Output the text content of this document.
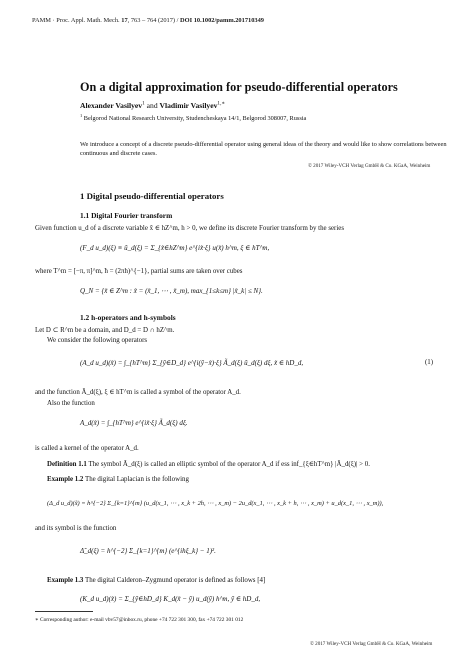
PAMM · Proc. Appl. Math. Mech. 17, 763 – 764 (2017) / DOI 10.1002/pamm.201710349
On a digital approximation for pseudo-differential operators
Alexander Vasilyev$^1$ and Vladimir Vasilyev$^{1,∗}$
$^1$ Belgorod National Research University, Studencheskaya 14/1, Belgorod 308007, Russia
We introduce a concept of a discrete pseudo-differential operator using general ideas of the theory and would like to show correlations between continuous and discrete cases.
© 2017 Wiley-VCH Verlag GmbH & Co. KGaA, Weinheim
1 Digital pseudo-differential operators
1.1 Digital Fourier transform
Given function u_d of a discrete variable x̃ ∈ hZ^m, h > 0, we define its discrete Fourier transform by the series
(F_d u_d)(ξ) ≡ ũ_d(ξ) = Σ_{x̃∈hZ^m} e^{ix̃·ξ} u(x̃) h^m, ξ ∈ hT^m,
where T^m = [−π, π]^m, ħ = (2πh)^{−1}, partial sums are taken over cubes
Q_N = {x̃ ∈ Z^m : x̃ = (x̃_1, ⋯ , x̃_m), max_{1≤k≤m} |x̃_k| ≤ N}.
1.2 h-operators and h-symbols
Let D ⊂ R^m be a domain, and D_d = D ∩ hZ^m.
We consider the following operators
(A_d u_d)(x̃) = ∫_{hT^m} Σ_{ỹ∈D_d} e^{i(ỹ−x̃)·ξ} Ã_d(ξ) ũ_d(ξ) dξ, x̃ ∈ hD_d,	(1)
and the function Ã_d(ξ), ξ ∈ hT^m is called a symbol of the operator A_d.
Also the function
A_d(x̃) = ∫_{hT^m} e^{ix̃·ξ} Ã_d(ξ) dξ.
is called a kernel of the operator A_d.
Definition 1.1 The symbol Ã_d(ξ) is called an elliptic symbol of the operator A_d if ess inf_{ξ∈hT^m} |Ã_d(ξ)| > 0.
Example 1.2 The digital Laplacian is the following
(Δ_d u_d)(x̃) = h^{−2} Σ_{k=1}^{m} (u_d(x_1, ⋯ , x_k + 2h, ⋯ , x_m) − 2u_d(x_1, ⋯ , x_k + h, ⋯ , x_m) + u_d(x_1, ⋯ , x_m)),
and its symbol is the function
Δ̃_d(ξ) = h^{−2} Σ_{k=1}^{m} (e^{ihξ_k} − 1)².
Example 1.3 The digital Calderon–Zygmund operator is defined as follows [4]
(K_d u_d)(x̃) = Σ_{ỹ∈hD_d} K_d(x̃ − ỹ) u_d(ỹ) h^m, ỹ ∈ hD_d,
∗ Corresponding author: e-mail vbv57@inbox.ru, phone +74 722 301 300, fax +74 722 301 012
© 2017 Wiley-VCH Verlag GmbH & Co. KGaA, Weinheim
